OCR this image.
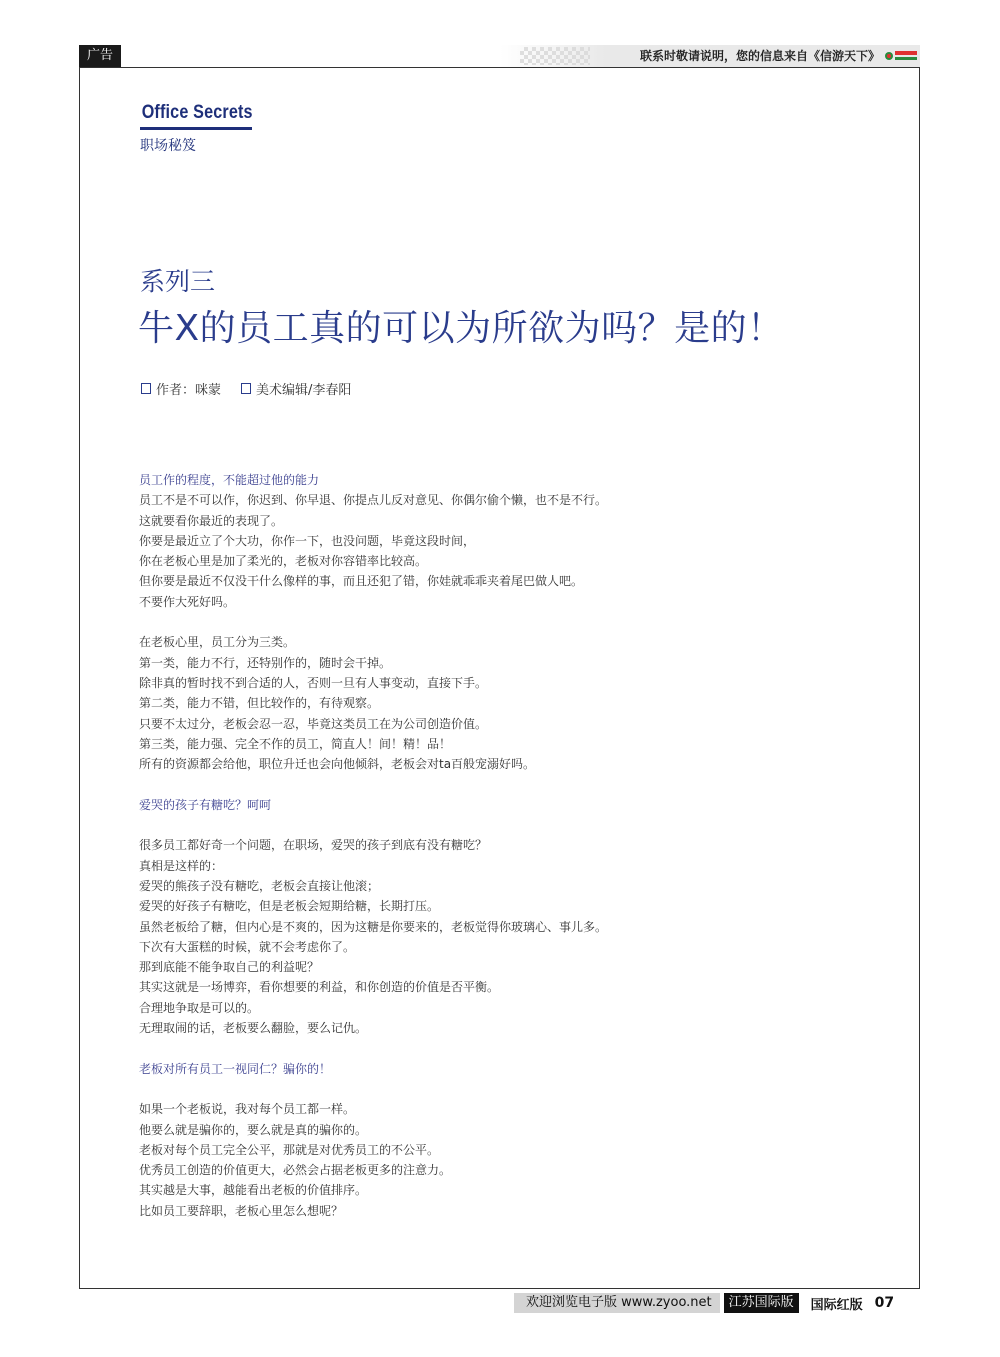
广告	联系时敬请说明，您的信息来自《信游天下》
Office Secrets
职场秘笈
系列三
牛X的员工真的可以为所欲为吗？是的！
作者：咪蒙	美术编辑/李春阳
员工作的程度，不能超过他的能力
员工不是不可以作，你迟到、你早退、你提点儿反对意见、你偶尔偷个懒，也不是不行。
这就要看你最近的表现了。
你要是最近立了个大功，你作一下，也没问题，毕竟这段时间，
你在老板心里是加了柔光的，老板对你容错率比较高。
但你要是最近不仅没干什么像样的事，而且还犯了错，你娃就乖乖夹着尾巴做人吧。
不要作大死好吗。
在老板心里，员工分为三类。
第一类，能力不行，还特别作的，随时会干掉。
除非真的暂时找不到合适的人，否则一旦有人事变动，直接下手。
第二类，能力不错，但比较作的，有待观察。
只要不太过分，老板会忍一忍，毕竟这类员工在为公司创造价值。
第三类，能力强、完全不作的员工，简直人！间！精！品！
所有的资源都会给他，职位升迁也会向他倾斜，老板会对ta百般宠溺好吗。
爱哭的孩子有糖吃？呵呵
很多员工都好奇一个问题，在职场，爱哭的孩子到底有没有糖吃？
真相是这样的：
爱哭的熊孩子没有糖吃，老板会直接让他滚；
爱哭的好孩子有糖吃，但是老板会短期给糖，长期打压。
虽然老板给了糖，但内心是不爽的，因为这糖是你要来的，老板觉得你玻璃心、事儿多。
下次有大蛋糕的时候，就不会考虑你了。
那到底能不能争取自己的利益呢？
其实这就是一场博弈，看你想要的利益，和你创造的价值是否平衡。
合理地争取是可以的。
无理取闹的话，老板要么翻脸，要么记仇。
老板对所有员工一视同仁？骗你的！
如果一个老板说，我对每个员工都一样。
他要么就是骗你的，要么就是真的骗你的。
老板对每个员工完全公平，那就是对优秀员工的不公平。
优秀员工创造的价值更大，必然会占据老板更多的注意力。
其实越是大事，越能看出老板的价值排序。
比如员工要辞职，老板心里怎么想呢？
欢迎浏览电子版 www.zyoo.net	江苏国际版	国际红版 07
